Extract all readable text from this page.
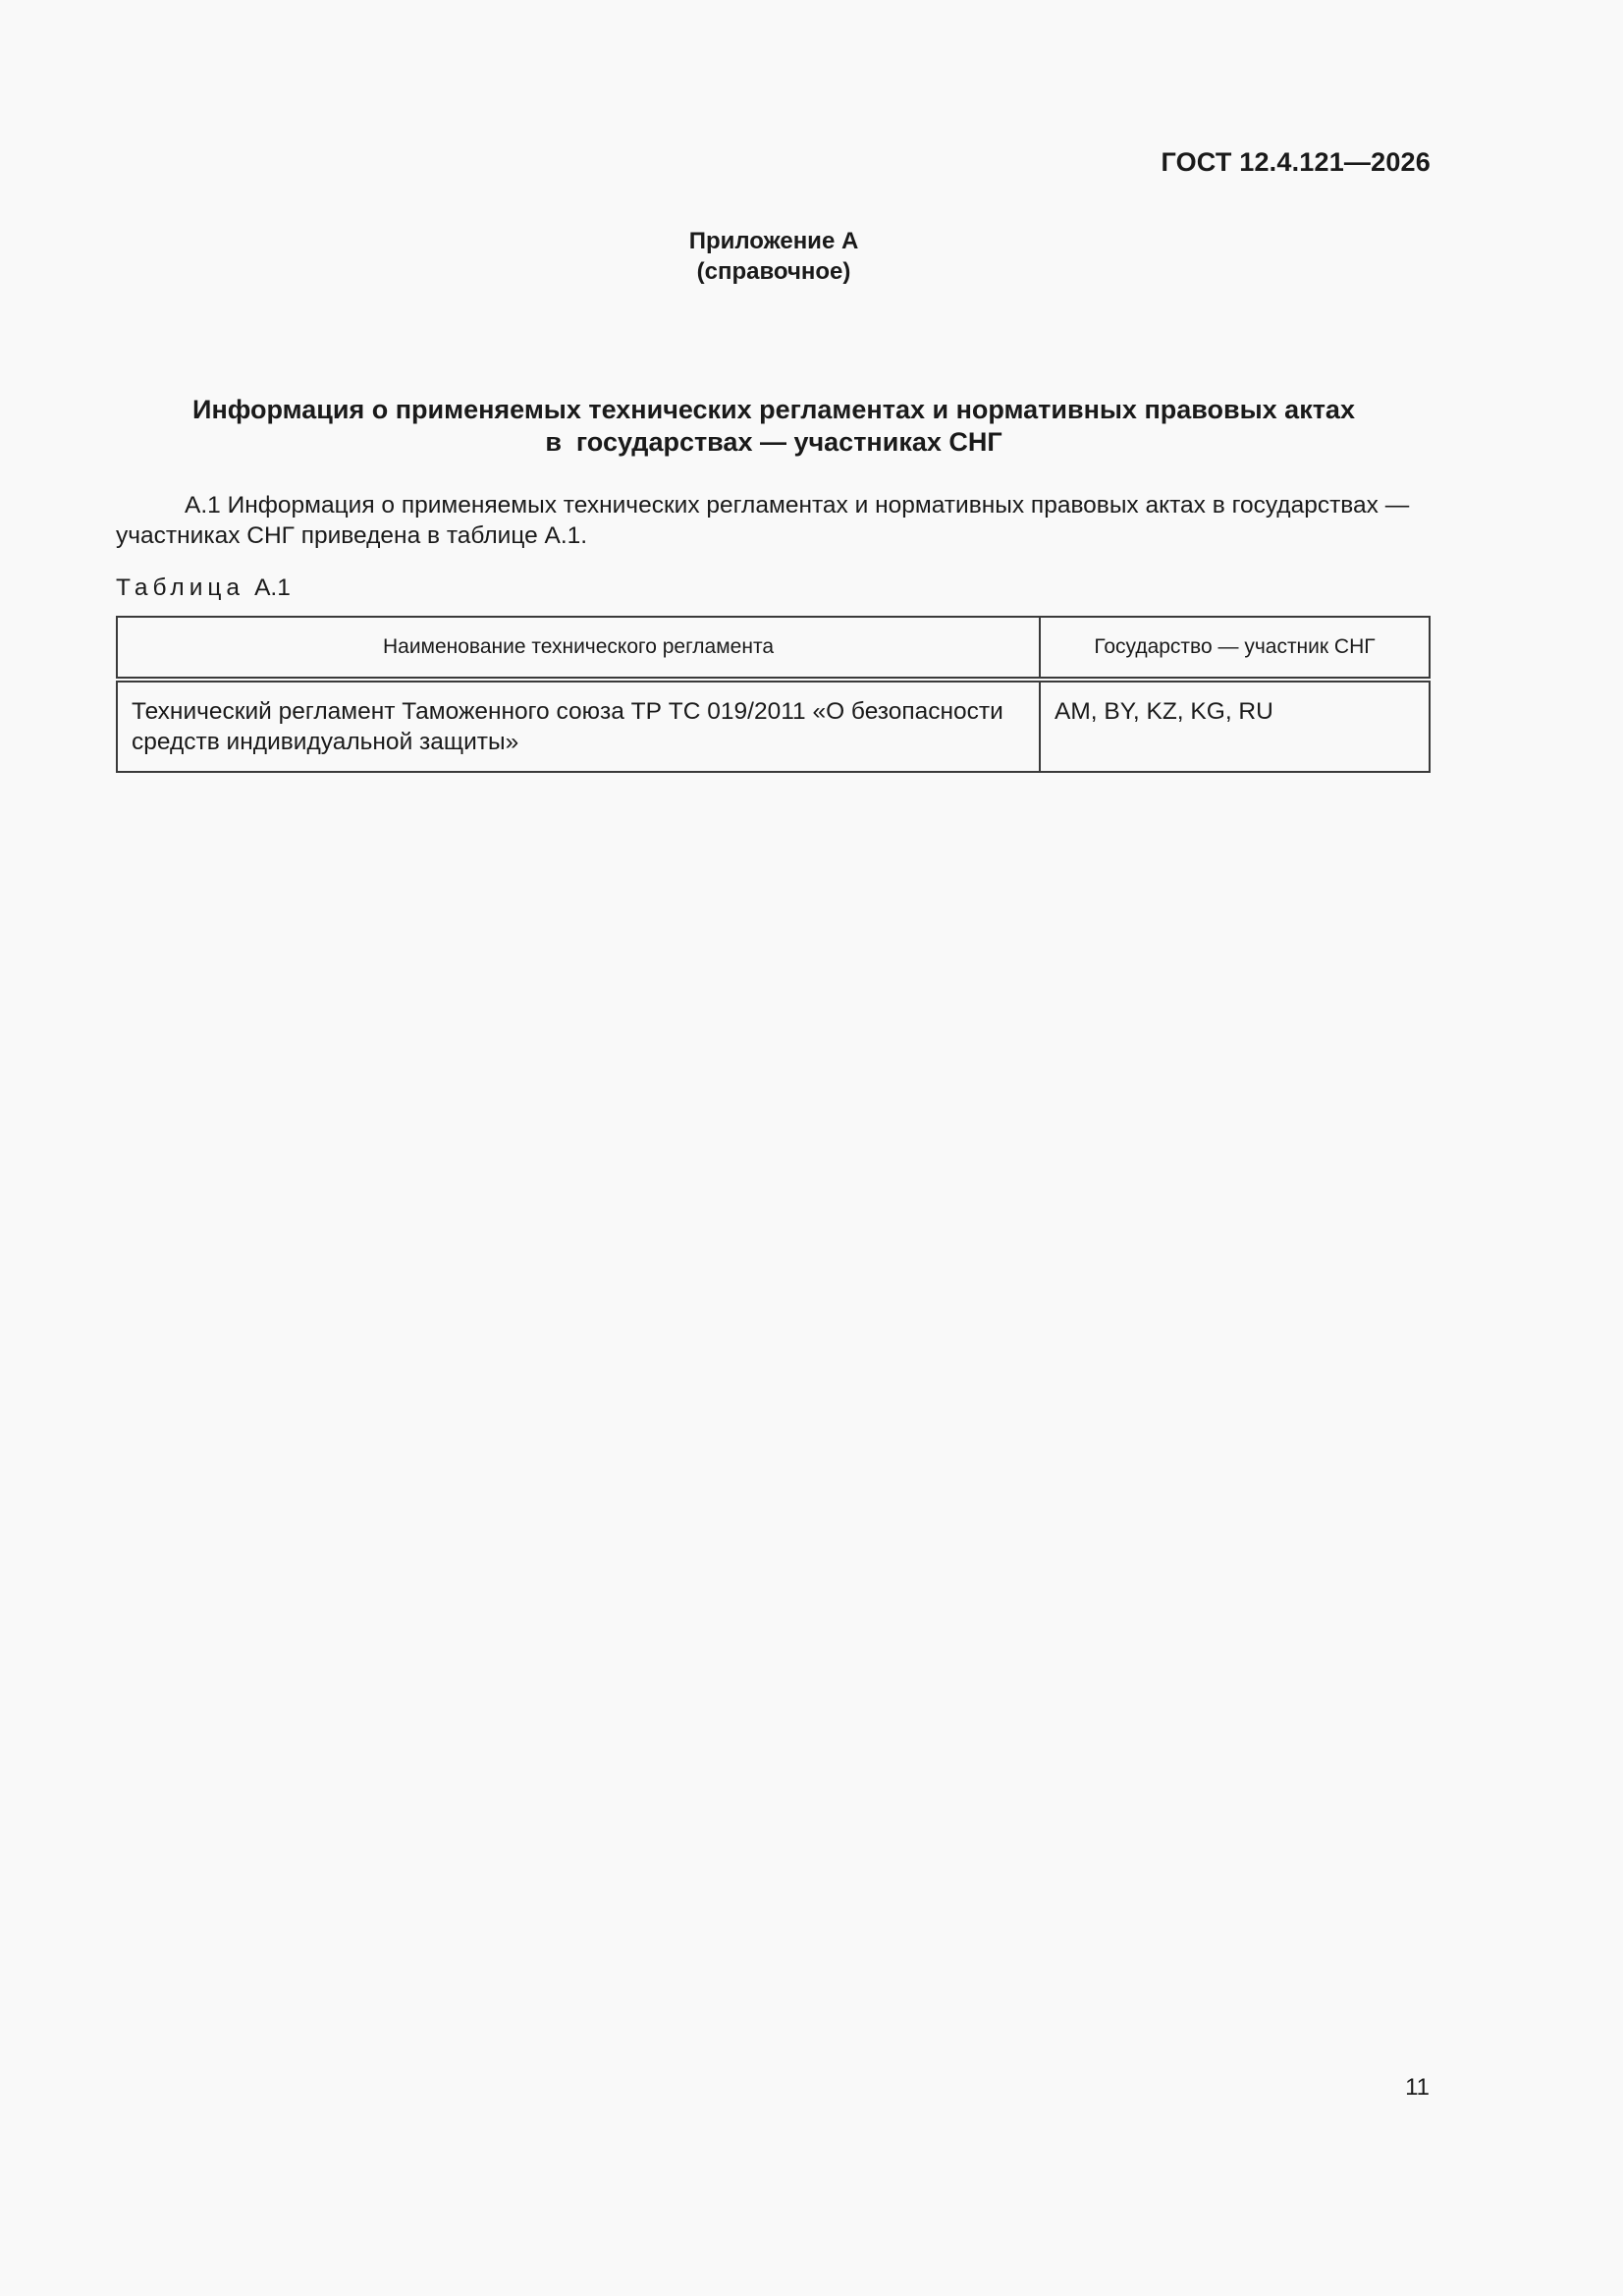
ГОСТ 12.4.121—2026
Приложение А
(справочное)
Информация о применяемых технических регламентах и нормативных правовых актах
в  государствах — участниках СНГ

А.1 Информация о применяемых технических регламентах и нормативных правовых актах в государствах — участниках СНГ приведена в таблице А.1.

Таблица А.1
Наименование технического регламента	Государство — участник СНГ
Технический регламент Таможенного союза ТР ТС 019/2011 «О безопасности средств индивидуальной защиты»	AM, BY, KZ, KG, RU
11
